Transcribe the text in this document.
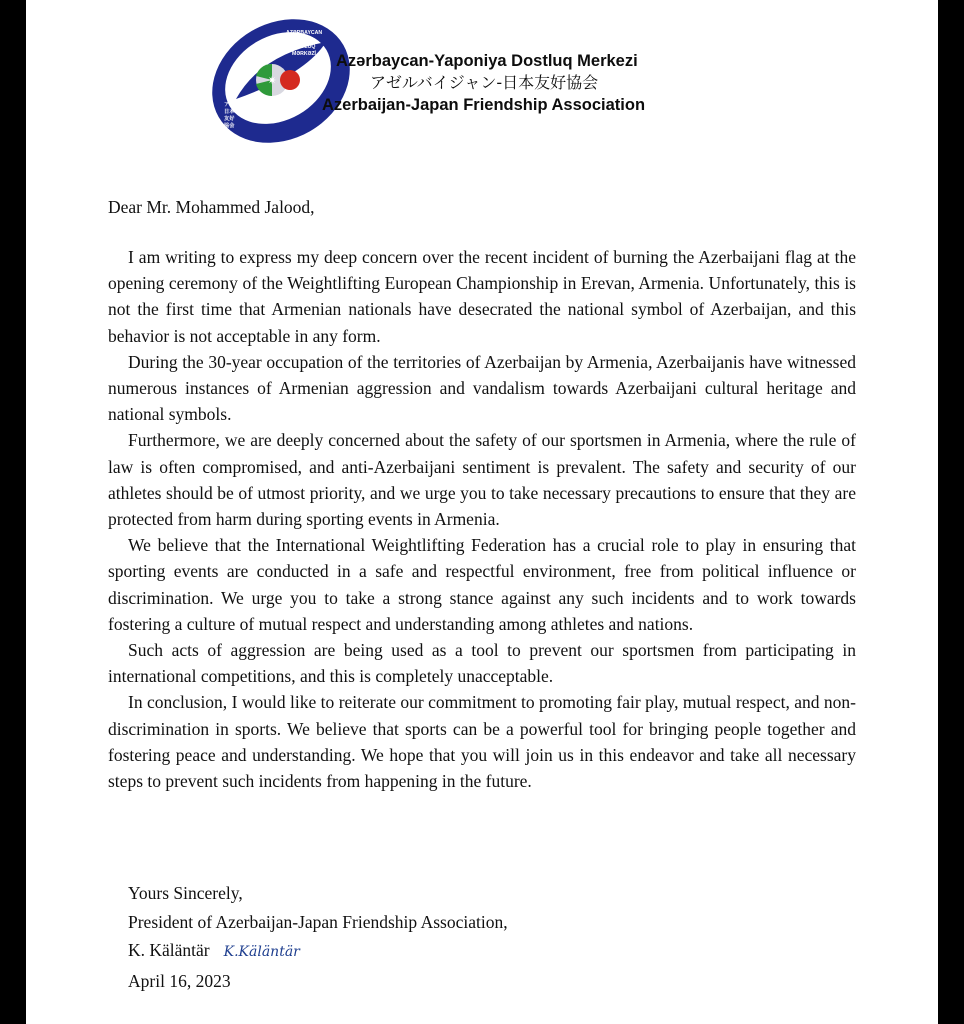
✷
AZƏRBAYCAN
YAPONİYA
DOSTLUQ
MƏRKƏZİ
アゼルバイジャン
日本
友好
協会
Azərbaycan-Yaponiya Dostluq Merkezi
アゼルバイジャン-日本友好協会
Azerbaijan-Japan Friendship Association
Dear Mr. Mohammed Jalood,

I am writing to express my deep concern over the recent incident of burning the Azerbaijani flag at the opening ceremony of the Weightlifting European Championship in Erevan, Armenia. Unfortunately, this is not the first time that Armenian nationals have desecrated the national symbol of Azerbaijan, and this behavior is not acceptable in any form.

During the 30-year occupation of the territories of Azerbaijan by Armenia, Azerbaijanis have witnessed numerous instances of Armenian aggression and vandalism towards Azerbaijani cultural heritage and national symbols.

Furthermore, we are deeply concerned about the safety of our sportsmen in Armenia, where the rule of law is often compromised, and anti-Azerbaijani sentiment is prevalent. The safety and security of our athletes should be of utmost priority, and we urge you to take necessary precautions to ensure that they are protected from harm during sporting events in Armenia.

We believe that the International Weightlifting Federation has a crucial role to play in ensuring that sporting events are conducted in a safe and respectful environment, free from political influence or discrimination. We urge you to take a strong stance against any such incidents and to work towards fostering a culture of mutual respect and understanding among athletes and nations.

Such acts of aggression are being used as a tool to prevent our sportsmen from participating in international competitions, and this is completely unacceptable.

In conclusion, I would like to reiterate our commitment to promoting fair play, mutual respect, and non-discrimination in sports. We believe that sports can be a powerful tool for bringing people together and fostering peace and understanding. We hope that you will join us in this endeavor and take all necessary steps to prevent such incidents from happening in the future.

Yours Sincerely,
President of Azerbaijan-Japan Friendship Association,
K. Käläntär K.Käläntär
April 16, 2023
